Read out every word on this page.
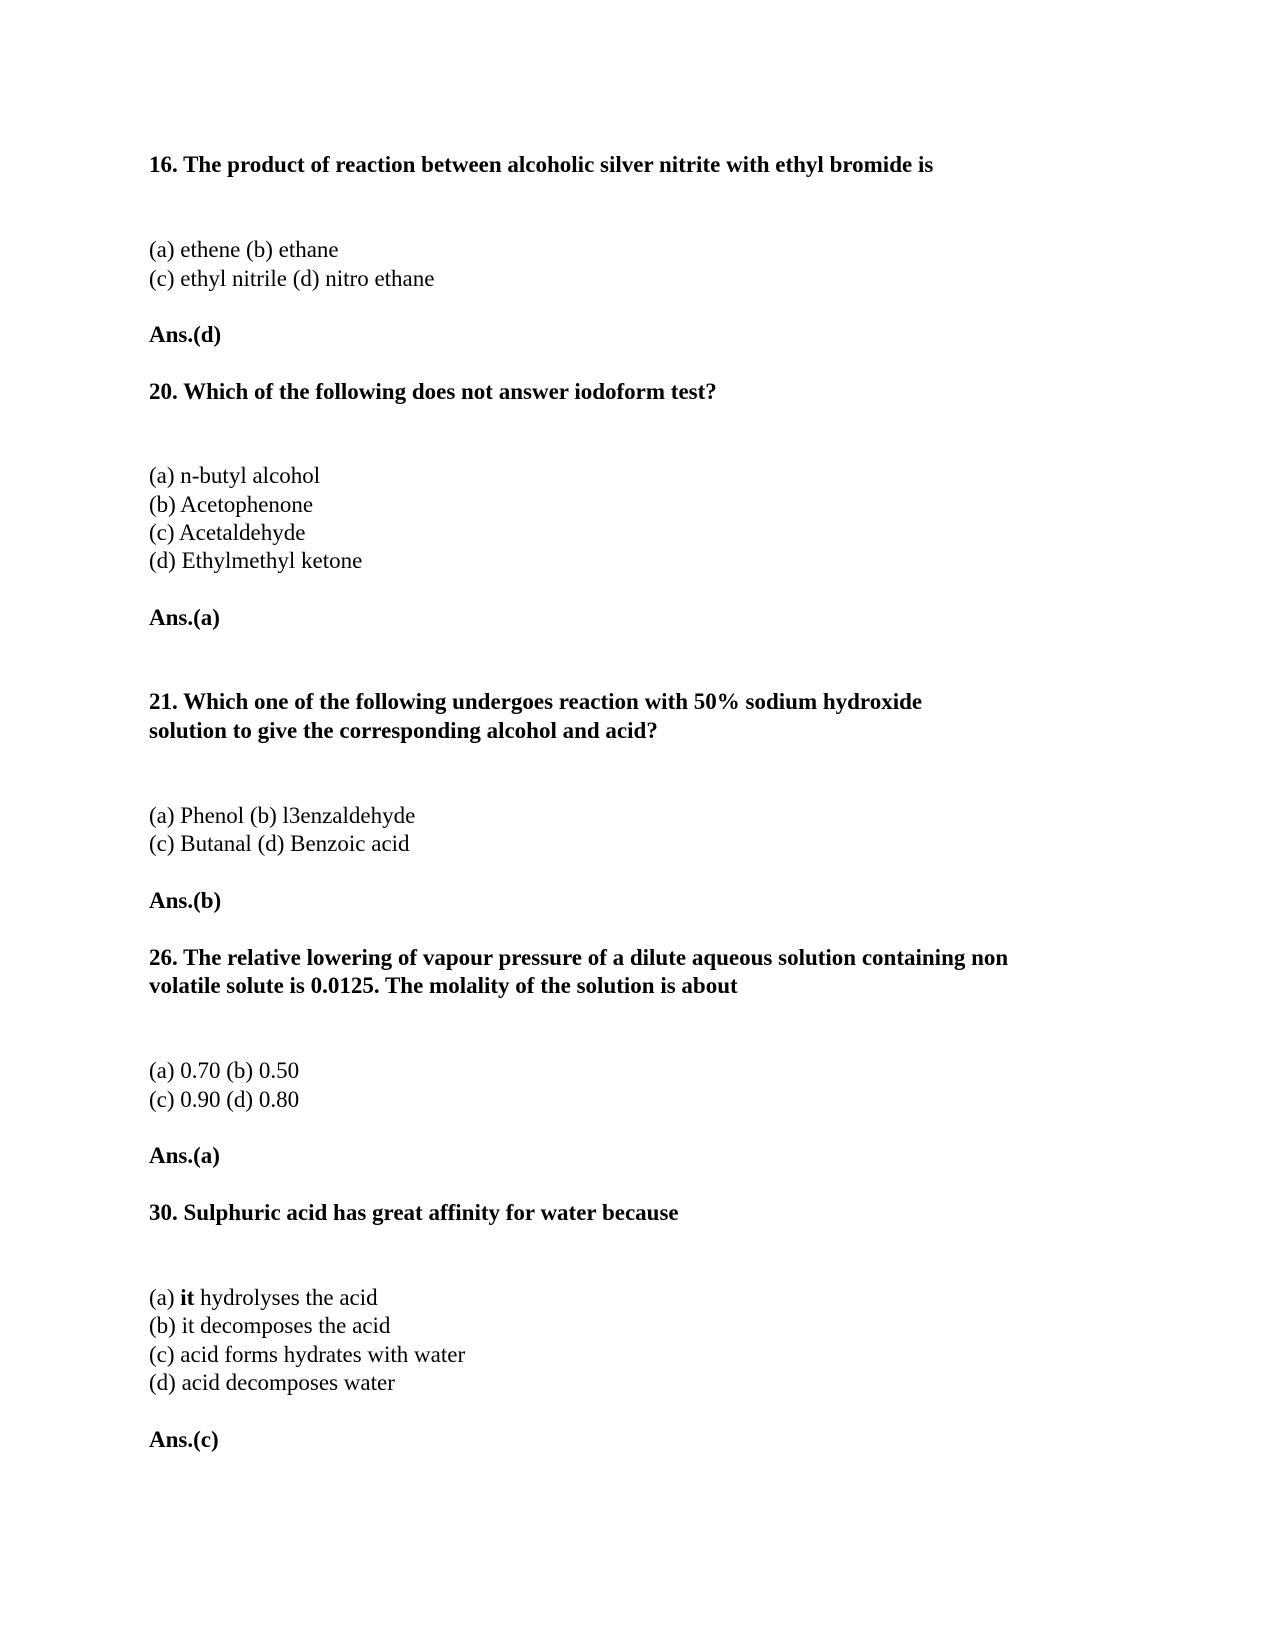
16. The product of reaction between alcoholic silver nitrite with ethyl bromide is

(a) ethene (b) ethane

(c) ethyl nitrile (d) nitro ethane

Ans.(d)

20. Which of the following does not answer iodoform test?

(a) n-butyl alcohol

(b) Acetophenone

(c) Acetaldehyde

(d) Ethylmethyl ketone

Ans.(a)

21. Which one of the following undergoes reaction with 50% sodium hydroxide

solution to give the corresponding alcohol and acid?

(a) Phenol (b) l3enzaldehyde

(c) Butanal (d) Benzoic acid

Ans.(b)

26. The relative lowering of vapour pressure of a dilute aqueous solution containing non

volatile solute is 0.0125. The molality of the solution is about

(a) 0.70 (b) 0.50

(c) 0.90 (d) 0.80

Ans.(a)

30. Sulphuric acid has great affinity for water because

(a) it hydrolyses the acid

(b) it decomposes the acid

(c) acid forms hydrates with water

(d) acid decomposes water

Ans.(c)
